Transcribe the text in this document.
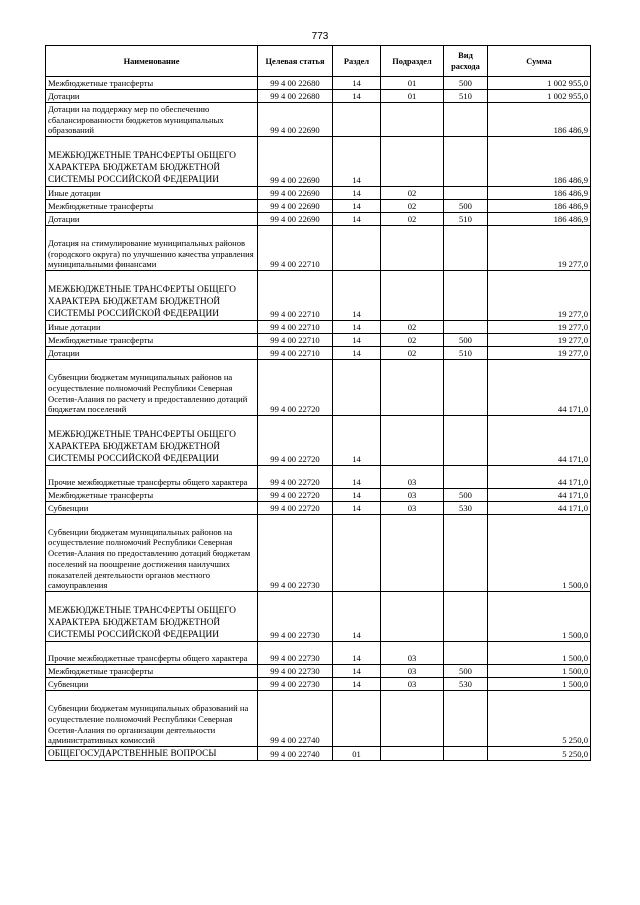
773
Наименование	Целевая статья	Раздел	Подраздел	Вид расхода	Сумма
Межбюджетные трансферты	99 4 00 22680	14	01	500	1 002 955,0
Дотации	99 4 00 22680	14	01	510	1 002 955,0
Дотации на поддержку мер по обеспечению сбалансированности бюджетов муниципальных образований	99 4 00 22690				186 486,9
МЕЖБЮДЖЕТНЫЕ ТРАНСФЕРТЫ ОБЩЕГО ХАРАКТЕРА БЮДЖЕТАМ БЮДЖЕТНОЙ СИСТЕМЫ РОССИЙСКОЙ ФЕДЕРАЦИИ	99 4 00 22690	14			186 486,9
Иные дотации	99 4 00 22690	14	02		186 486,9
Межбюджетные трансферты	99 4 00 22690	14	02	500	186 486,9
Дотации	99 4 00 22690	14	02	510	186 486,9
Дотация на стимулирование муниципальных районов (городского округа) по улучшению качества управления муниципальными финансами	99 4 00 22710				19 277,0
МЕЖБЮДЖЕТНЫЕ ТРАНСФЕРТЫ ОБЩЕГО ХАРАКТЕРА БЮДЖЕТАМ БЮДЖЕТНОЙ СИСТЕМЫ РОССИЙСКОЙ ФЕДЕРАЦИИ	99 4 00 22710	14			19 277,0
Иные дотации	99 4 00 22710	14	02		19 277,0
Межбюджетные трансферты	99 4 00 22710	14	02	500	19 277,0
Дотации	99 4 00 22710	14	02	510	19 277,0
Субвенции бюджетам муниципальных районов на осуществление полномочий Республики Северная Осетия-Алания по расчету и предоставлению дотаций бюджетам поселений	99 4 00 22720				44 171,0
МЕЖБЮДЖЕТНЫЕ ТРАНСФЕРТЫ ОБЩЕГО ХАРАКТЕРА БЮДЖЕТАМ БЮДЖЕТНОЙ СИСТЕМЫ РОССИЙСКОЙ ФЕДЕРАЦИИ	99 4 00 22720	14			44 171,0
Прочие межбюджетные трансферты общего характера	99 4 00 22720	14	03		44 171,0
Межбюджетные трансферты	99 4 00 22720	14	03	500	44 171,0
Субвенции	99 4 00 22720	14	03	530	44 171,0
Субвенции бюджетам муниципальных районов на осуществление полномочий Республики Северная Осетия-Алания по предоставлению дотаций бюджетам поселений на поощрение достижения наилучших показателей деятельности органов местного самоуправления	99 4 00 22730				1 500,0
МЕЖБЮДЖЕТНЫЕ ТРАНСФЕРТЫ ОБЩЕГО ХАРАКТЕРА БЮДЖЕТАМ БЮДЖЕТНОЙ СИСТЕМЫ РОССИЙСКОЙ ФЕДЕРАЦИИ	99 4 00 22730	14			1 500,0
Прочие межбюджетные трансферты общего характера	99 4 00 22730	14	03		1 500,0
Межбюджетные трансферты	99 4 00 22730	14	03	500	1 500,0
Субвенции	99 4 00 22730	14	03	530	1 500,0
Субвенции бюджетам муниципальных образований на осуществление полномочий Республики Северная Осетия-Алания по организации деятельности административных комиссий	99 4 00 22740				5 250,0
ОБЩЕГОСУДАРСТВЕННЫЕ ВОПРОСЫ	99 4 00 22740	01			5 250,0
